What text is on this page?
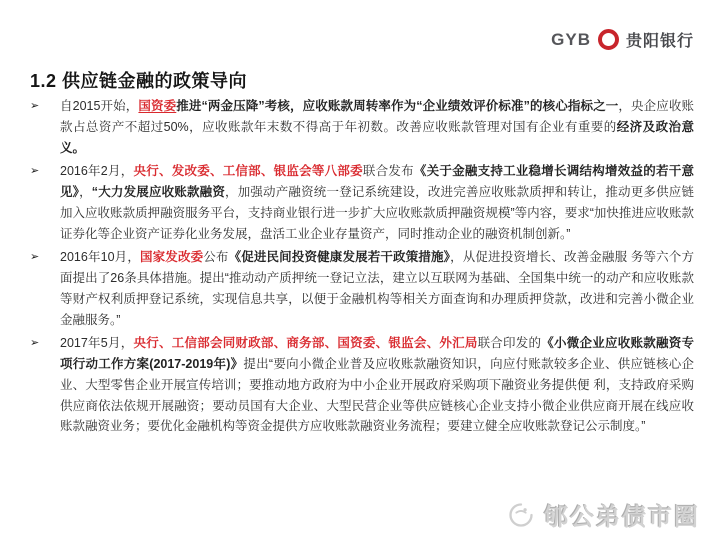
GYB 贵阳银行
1.2 供应链金融的政策导向
➢	自2015开始，国资委推进“两金压降”考核，应收账款周转率作为“企业绩效评价标准”的核心指标之一，央企应收账款占总资产不超过50%，应收账款年末数不得高于年初数。改善应收账款管理对国有企业有重要的经济及政治意义。
➢	2016年2月，央行、发改委、工信部、银监会等八部委联合发布《关于金融支持工业稳增长调结构增效益的若干意见》，“大力发展应收账款融资，加强动产融资统一登记系统建设，改进完善应收账款质押和转让，推动更多供应链加入应收账款质押融资服务平台，支持商业银行进一步扩大应收账款质押融资规模”等内容，要求“加快推进应收账款证券化等企业资产证券化业务发展，盘活工业企业存量资产，同时推动企业的融资机制创新。”
➢	2016年10月，国家发改委公布《促进民间投资健康发展若干政策措施》，从促进投资增长、改善金融服 务等六个方面提出了26条具体措施。提出“推动动产质押统一登记立法，建立以互联网为基础、全国集中统一的动产和应收账款等财产权利质押登记系统，实现信息共享，以便于金融机构等相关方面查询和办理质押贷款，改进和完善小微企业金融服务。”
➢	2017年5月，央行、工信部会同财政部、商务部、国资委、银监会、外汇局联合印发的《小微企业应收账款融资专项行动工作方案(2017-2019年)》提出“要向小微企业普及应收账款融资知识，向应付账款较多企业、供应链核心企业、大型零售企业开展宣传培训；要推动地方政府为中小企业开展政府采购项下融资业务提供便 利，支持政府采购供应商依法依规开展融资；要动员国有大企业、大型民营企业等供应链核心企业支持小微企业供应商开展在线应收账款融资业务；要优化金融机构等资金提供方应收账款融资业务流程；要建立健全应收账款登记公示制度。”
郇公弟债市圈
